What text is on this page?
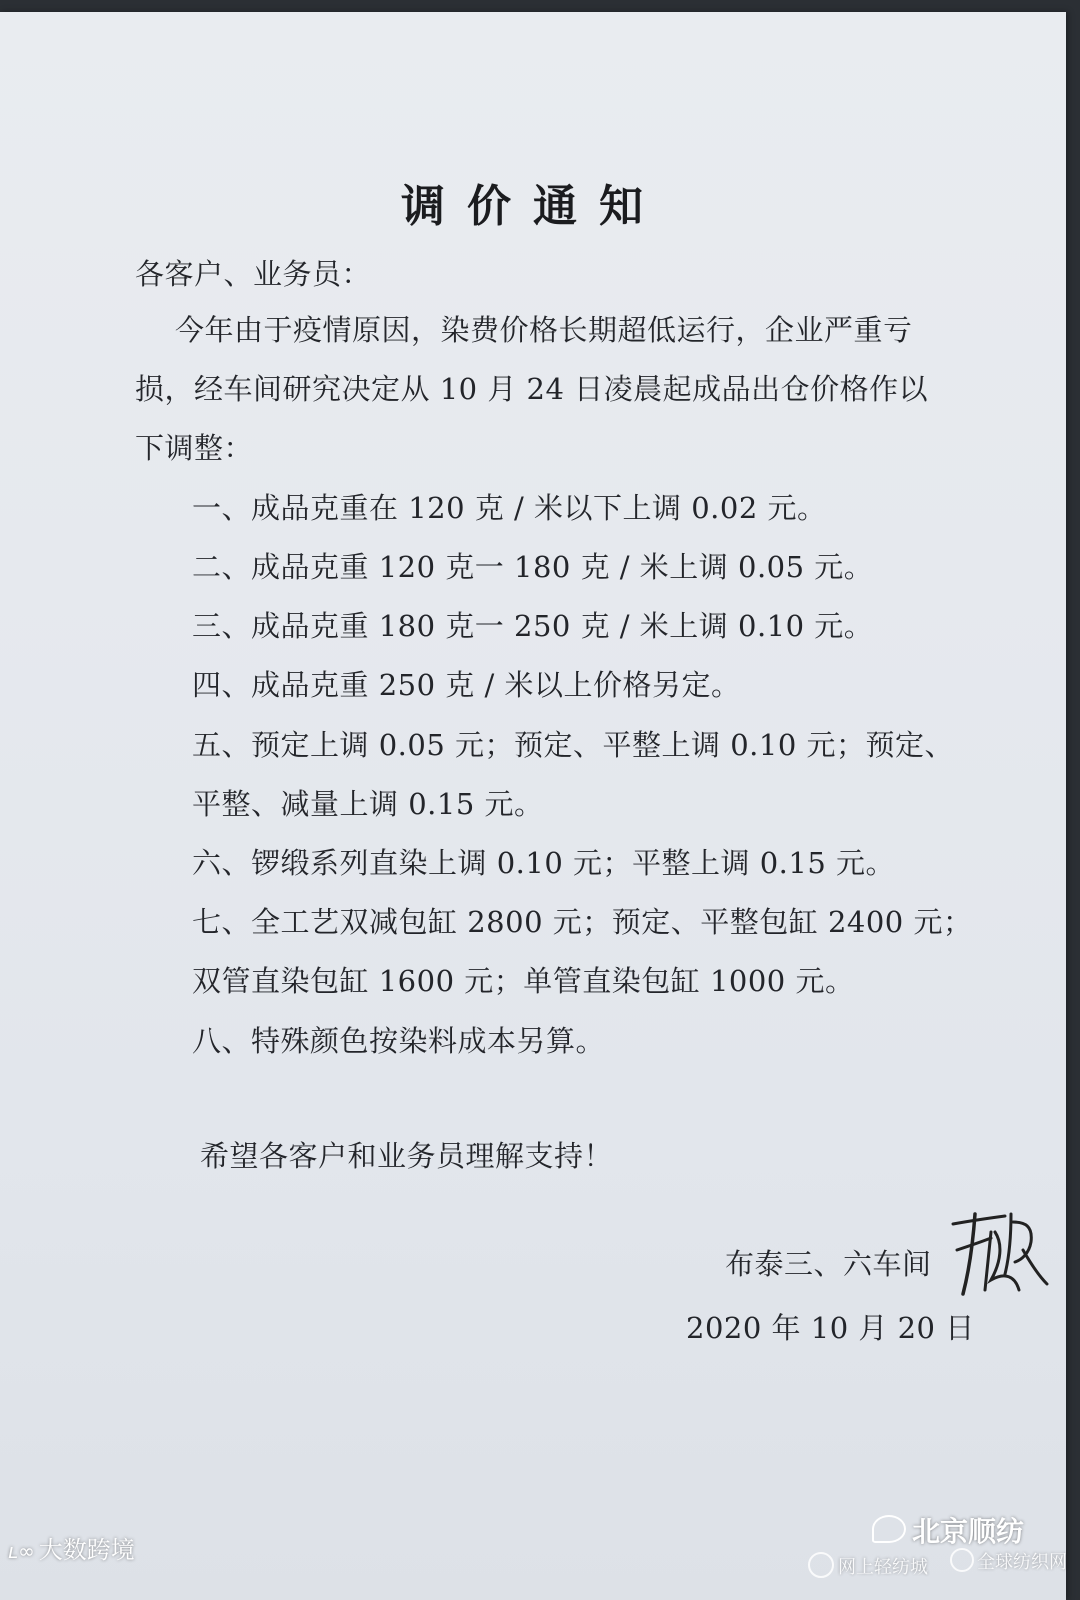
调价通知
各客户、业务员：
今年由于疫情原因，染费价格长期超低运行，企业严重亏
损，经车间研究决定从 10 月 24 日凌晨起成品出仓价格作以
下调整：
一、成品克重在 120 克 / 米以下上调 0.02 元。
二、成品克重 120 克一 180 克 / 米上调 0.05 元。
三、成品克重 180 克一 250 克 / 米上调 0.10 元。
四、成品克重 250 克 / 米以上价格另定。
五、预定上调 0.05 元；预定、平整上调 0.10 元；预定、
平整、减量上调 0.15 元。
六、锣缎系列直染上调 0.10 元；平整上调 0.15 元。
七、全工艺双减包缸 2800 元；预定、平整包缸 2400 元；
双管直染包缸 1600 元；单管直染包缸 1000 元。
八、特殊颜色按染料成本另算。
希望各客户和业务员理解支持！
布泰三、六车间
2020 年 10 月 20 日
ʟ∞ 大数跨境
北京顺纺
网上轻纺城	全球纺织网
